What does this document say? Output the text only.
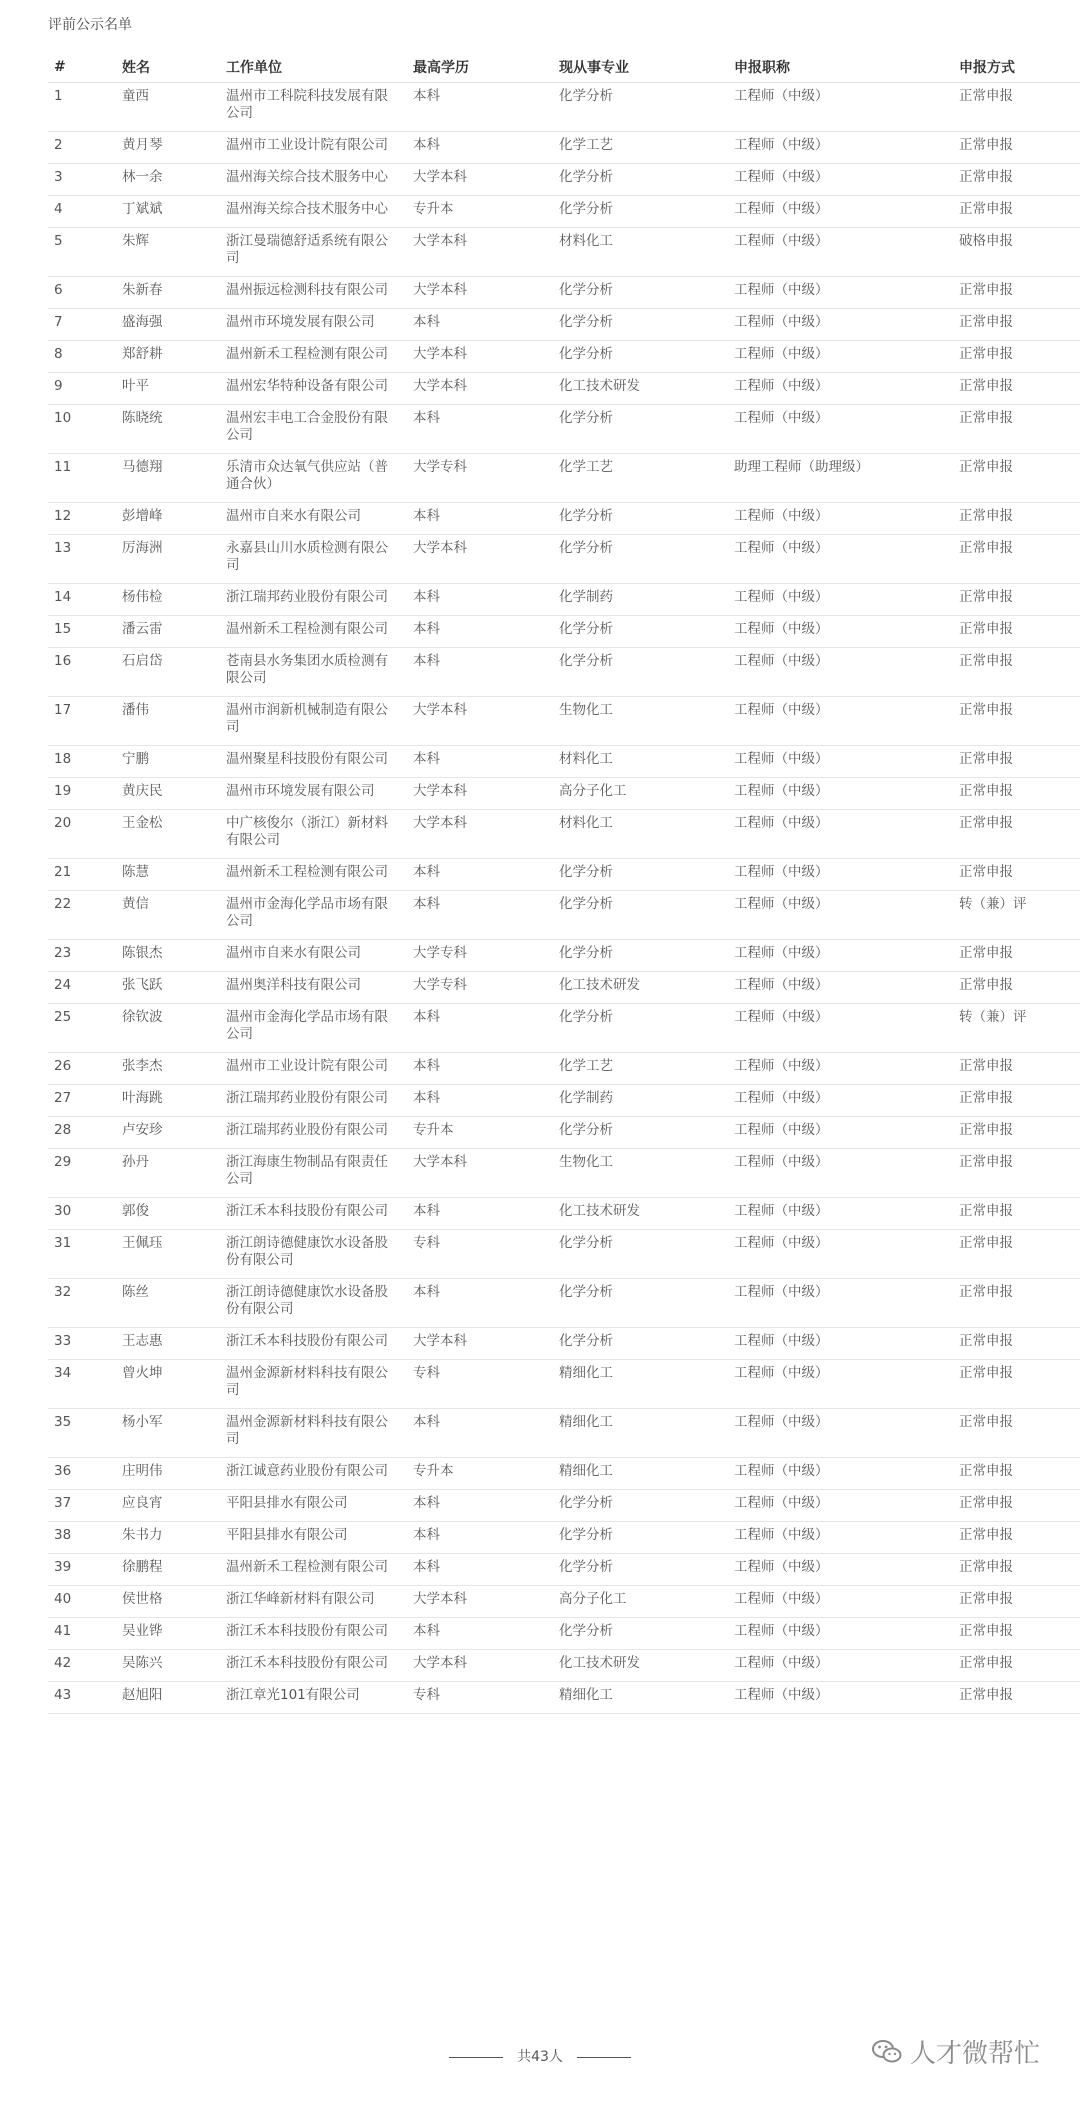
评前公示名单
#	姓名	工作单位	最高学历	现从事专业	申报职称	申报方式
1	童西	温州市工科院科技发展有限公司	本科	化学分析	工程师（中级）	正常申报
2	黄月琴	温州市工业设计院有限公司	本科	化学工艺	工程师（中级）	正常申报
3	林一余	温州海关综合技术服务中心	大学本科	化学分析	工程师（中级）	正常申报
4	丁斌斌	温州海关综合技术服务中心	专升本	化学分析	工程师（中级）	正常申报
5	朱辉	浙江曼瑞德舒适系统有限公司	大学本科	材料化工	工程师（中级）	破格申报
6	朱新春	温州振远检测科技有限公司	大学本科	化学分析	工程师（中级）	正常申报
7	盛海强	温州市环境发展有限公司	本科	化学分析	工程师（中级）	正常申报
8	郑舒耕	温州新禾工程检测有限公司	大学本科	化学分析	工程师（中级）	正常申报
9	叶平	温州宏华特种设备有限公司	大学本科	化工技术研发	工程师（中级）	正常申报
10	陈晓统	温州宏丰电工合金股份有限公司	本科	化学分析	工程师（中级）	正常申报
11	马德翔	乐清市众达氧气供应站（普通合伙）	大学专科	化学工艺	助理工程师（助理级）	正常申报
12	彭增峰	温州市自来水有限公司	本科	化学分析	工程师（中级）	正常申报
13	厉海洲	永嘉县山川水质检测有限公司	大学本科	化学分析	工程师（中级）	正常申报
14	杨伟检	浙江瑞邦药业股份有限公司	本科	化学制药	工程师（中级）	正常申报
15	潘云雷	温州新禾工程检测有限公司	本科	化学分析	工程师（中级）	正常申报
16	石启岱	苍南县水务集团水质检测有限公司	本科	化学分析	工程师（中级）	正常申报
17	潘伟	温州市润新机械制造有限公司	大学本科	生物化工	工程师（中级）	正常申报
18	宁鹏	温州聚星科技股份有限公司	本科	材料化工	工程师（中级）	正常申报
19	黄庆民	温州市环境发展有限公司	大学本科	高分子化工	工程师（中级）	正常申报
20	王金松	中广核俊尔（浙江）新材料有限公司	大学本科	材料化工	工程师（中级）	正常申报
21	陈慧	温州新禾工程检测有限公司	本科	化学分析	工程师（中级）	正常申报
22	黄信	温州市金海化学品市场有限公司	本科	化学分析	工程师（中级）	转（兼）评
23	陈银杰	温州市自来水有限公司	大学专科	化学分析	工程师（中级）	正常申报
24	张飞跃	温州奥洋科技有限公司	大学专科	化工技术研发	工程师（中级）	正常申报
25	徐钦波	温州市金海化学品市场有限公司	本科	化学分析	工程师（中级）	转（兼）评
26	张李杰	温州市工业设计院有限公司	本科	化学工艺	工程师（中级）	正常申报
27	叶海跳	浙江瑞邦药业股份有限公司	本科	化学制药	工程师（中级）	正常申报
28	卢安珍	浙江瑞邦药业股份有限公司	专升本	化学分析	工程师（中级）	正常申报
29	孙丹	浙江海康生物制品有限责任公司	大学本科	生物化工	工程师（中级）	正常申报
30	郭俊	浙江禾本科技股份有限公司	本科	化工技术研发	工程师（中级）	正常申报
31	王佩珏	浙江朗诗德健康饮水设备股份有限公司	专科	化学分析	工程师（中级）	正常申报
32	陈丝	浙江朗诗德健康饮水设备股份有限公司	本科	化学分析	工程师（中级）	正常申报
33	王志惠	浙江禾本科技股份有限公司	大学本科	化学分析	工程师（中级）	正常申报
34	曾火坤	温州金源新材料科技有限公司	专科	精细化工	工程师（中级）	正常申报
35	杨小军	温州金源新材料科技有限公司	本科	精细化工	工程师（中级）	正常申报
36	庄明伟	浙江诚意药业股份有限公司	专升本	精细化工	工程师（中级）	正常申报
37	应良宵	平阳县排水有限公司	本科	化学分析	工程师（中级）	正常申报
38	朱书力	平阳县排水有限公司	本科	化学分析	工程师（中级）	正常申报
39	徐鹏程	温州新禾工程检测有限公司	本科	化学分析	工程师（中级）	正常申报
40	侯世格	浙江华峰新材料有限公司	大学本科	高分子化工	工程师（中级）	正常申报
41	吴业铧	浙江禾本科技股份有限公司	本科	化学分析	工程师（中级）	正常申报
42	吴陈兴	浙江禾本科技股份有限公司	大学本科	化工技术研发	工程师（中级）	正常申报
43	赵旭阳	浙江章光101有限公司	专科	精细化工	工程师（中级）	正常申报
共43人	人才微帮忙
